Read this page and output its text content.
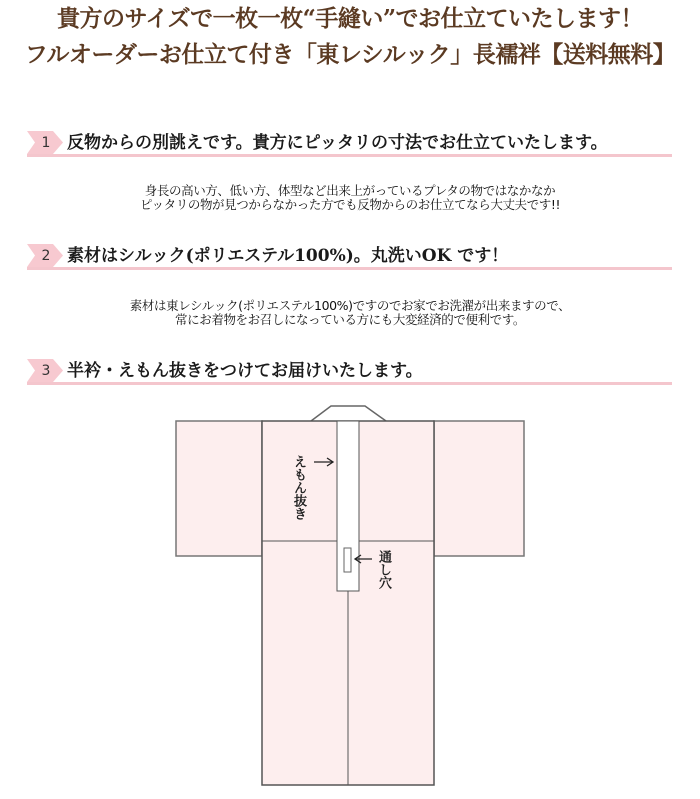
貴方のサイズで一枚一枚“手縫い”でお仕立ていたします！
フルオーダーお仕立て付き「東レシルック」長襦袢【送料無料】
1 反物からの別誂えです。貴方にピッタリの寸法でお仕立ていたします。
身長の高い方、低い方、体型など出来上がっているプレタの物ではなかなか
ピッタリの物が見つからなかった方でも反物からのお仕立てなら大丈夫です!!
2 素材はシルック(ポリエステル100%)。丸洗いOK です！
素材は東レシルック(ポリエステル100%)ですのでお家でお洗濯が出来ますので、
常にお着物をお召しになっている方にも大変経済的で便利です。
3 半衿・えもん抜きをつけてお届けいたします。
えもん抜き
通し穴
